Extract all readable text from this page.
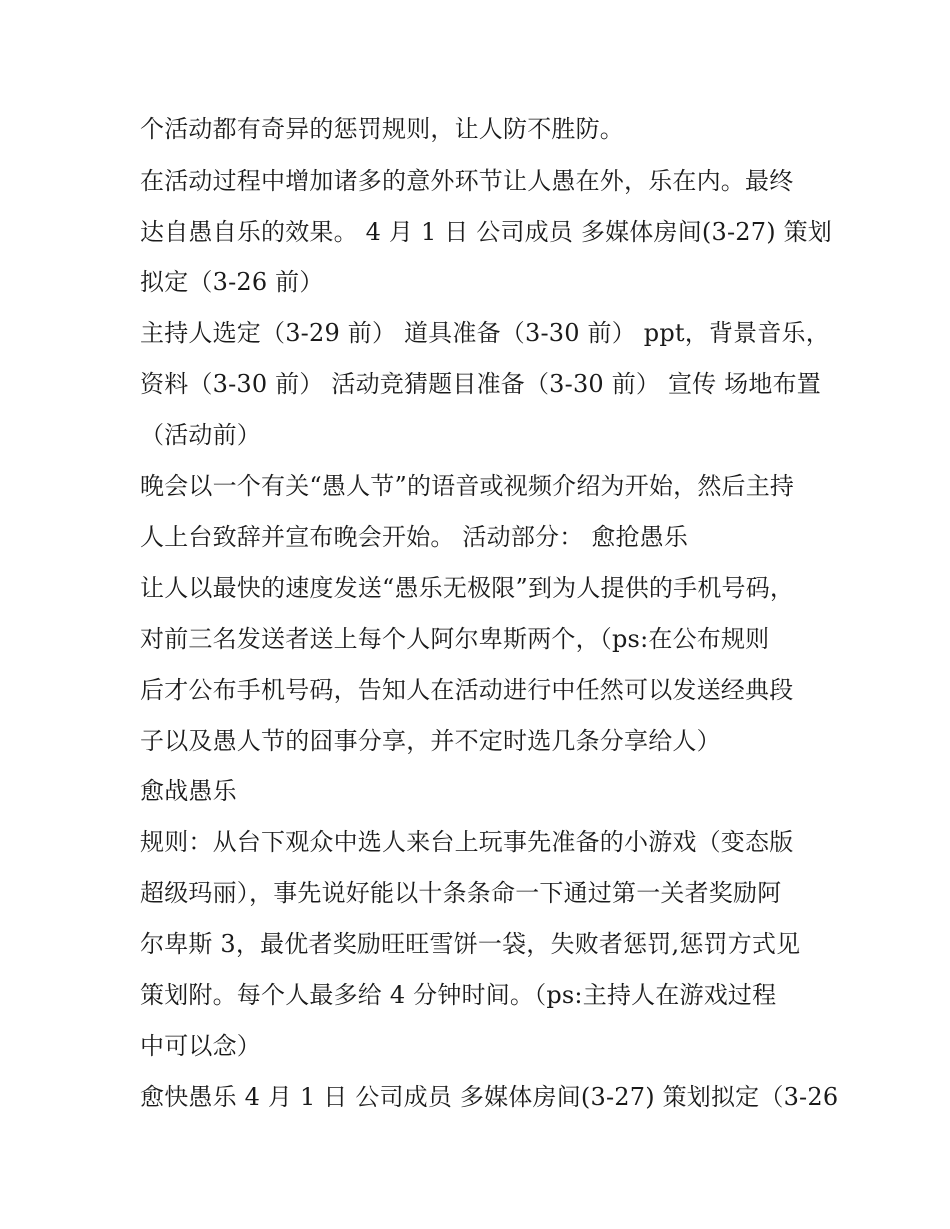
个活动都有奇异的惩罚规则，让人防不胜防。
在活动过程中增加诸多的意外环节让人愚在外，乐在内。最终
达自愚自乐的效果。 4 月 1 日 公司成员 多媒体房间(3-27) 策划
拟定（3-26 前）
主持人选定（3-29 前） 道具准备（3-30 前） ppt，背景音乐，
资料（3-30 前） 活动竞猜题目准备（3-30 前） 宣传 场地布置
（活动前）
晚会以一个有关“愚人节”的语音或视频介绍为开始，然后主持
人上台致辞并宣布晚会开始。 活动部分： 愈抢愚乐
让人以最快的速度发送“愚乐无极限”到为人提供的手机号码，
对前三名发送者送上每个人阿尔卑斯两个，（ps:在公布规则
后才公布手机号码，告知人在活动进行中任然可以发送经典段
子以及愚人节的囧事分享，并不定时选几条分享给人）
愈战愚乐
规则：从台下观众中选人来台上玩事先准备的小游戏（变态版
超级玛丽），事先说好能以十条条命一下通过第一关者奖励阿
尔卑斯 3，最优者奖励旺旺雪饼一袋，失败者惩罚,惩罚方式见
策划附。每个人最多给 4 分钟时间。（ps:主持人在游戏过程
中可以念）
愈快愚乐 4 月 1 日 公司成员 多媒体房间(3-27) 策划拟定（3-26
